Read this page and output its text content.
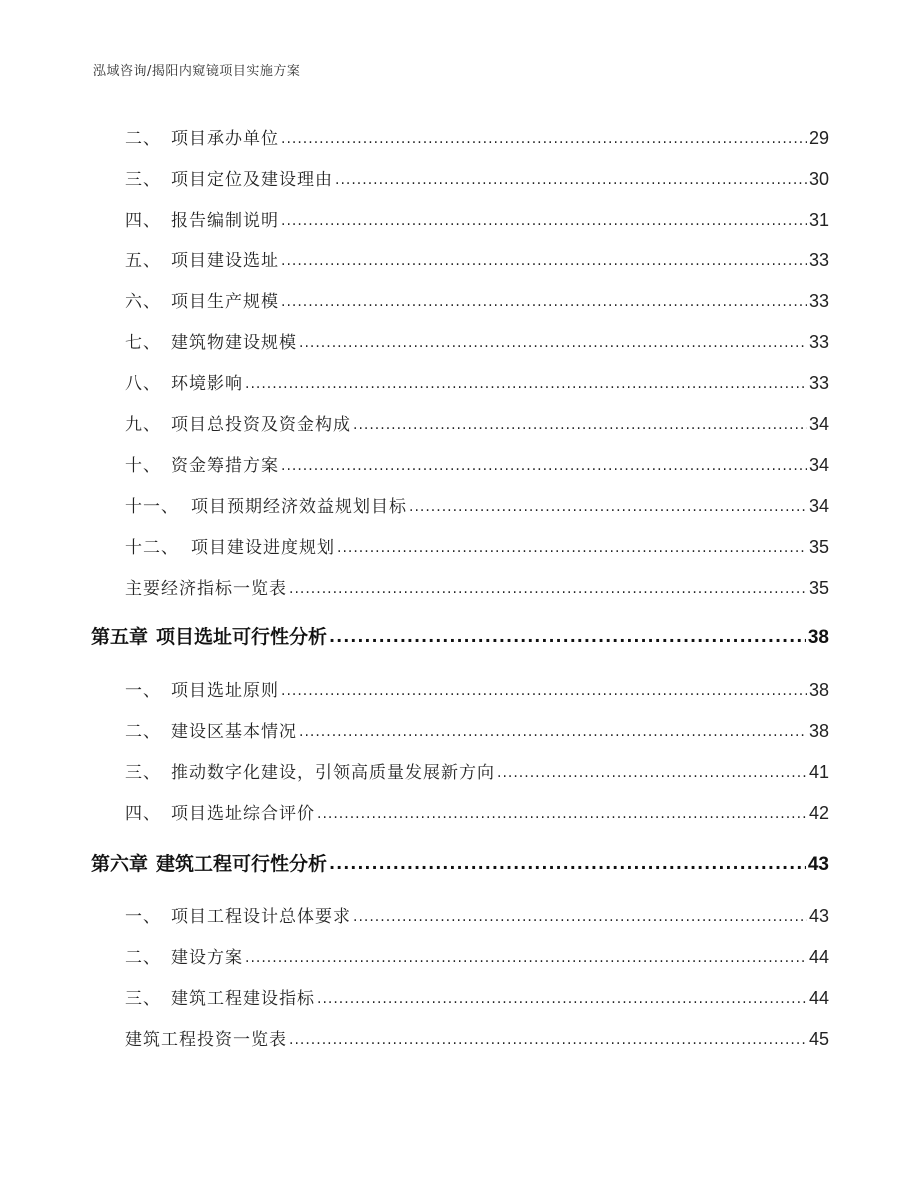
泓域咨询/揭阳内窥镜项目实施方案
二、 项目承办单位 .....	29
三、 项目定位及建设理由 .....	30
四、 报告编制说明 .....	31
五、 项目建设选址 .....	33
六、 项目生产规模 .....	33
七、 建筑物建设规模 .....	33
八、 环境影响 .....	33
九、 项目总投资及资金构成 .....	34
十、 资金筹措方案 .....	34
十一、 项目预期经济效益规划目标 .....	34
十二、 项目建设进度规划 .....	35
主要经济指标一览表 .....	35
第五章 项目选址可行性分析 .....	38
一、 项目选址原则 .....	38
二、 建设区基本情况 .....	38
三、 推动数字化建设，引领高质量发展新方向 .....	41
四、 项目选址综合评价 .....	42
第六章 建筑工程可行性分析 .....	43
一、 项目工程设计总体要求 .....	43
二、 建设方案 .....	44
三、 建筑工程建设指标 .....	44
建筑工程投资一览表 .....	45
